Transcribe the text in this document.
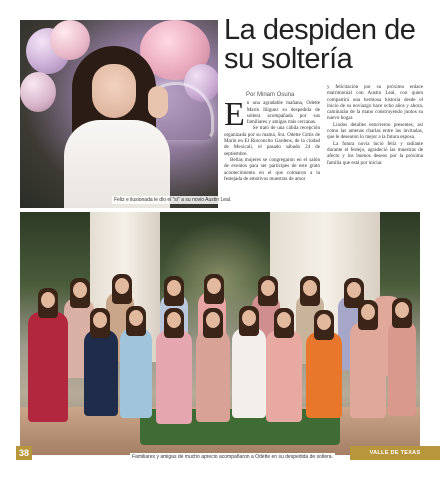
Feliz e ilusionada le dio el “sí” a su novio Austin Leal.
La despiden de su soltería
Por Miriam Osuna
E n una agradable mañana, Odette Marín Iñiguez su despedida de soltera acompañada por sus familiares y amigas más cercanas.

Se trató de una cálida recepción organizada por su mamá, Sra. Odette Gittis de Marín en El Rinconcito Gardens, de la ciudad de Mexicali, el pasado sábado 24 de septiembre.

Bellas mujeres se congregaron en el salón de eventos para ser partícipes de este grato acontecimiento en el que colmaron a la festejada de emotivos muestras de amor

y felicitación por su próximo enlace matrimonial con Austin Leal, con quien compartirá una hermosa historia desde el inicio de su noviazgo hace ocho años y ahora, caminarán de la mano construyendo juntos su nuevo hogar.

Lindos detalles estuvieron presentes, así como las amenas charlas entre las invitadas, que le desearon lo mejor a la futura esposa.

La futura novia lució feliz y radiante durante el festejo, agradeció las muestras de afecto y los buenos deseos por la próxima familia que está por iniciar.

Familiares y amigas de mucho aprecio acompañaron a Odette en su despedida de soltera.
38	VALLE DE TEXAS
